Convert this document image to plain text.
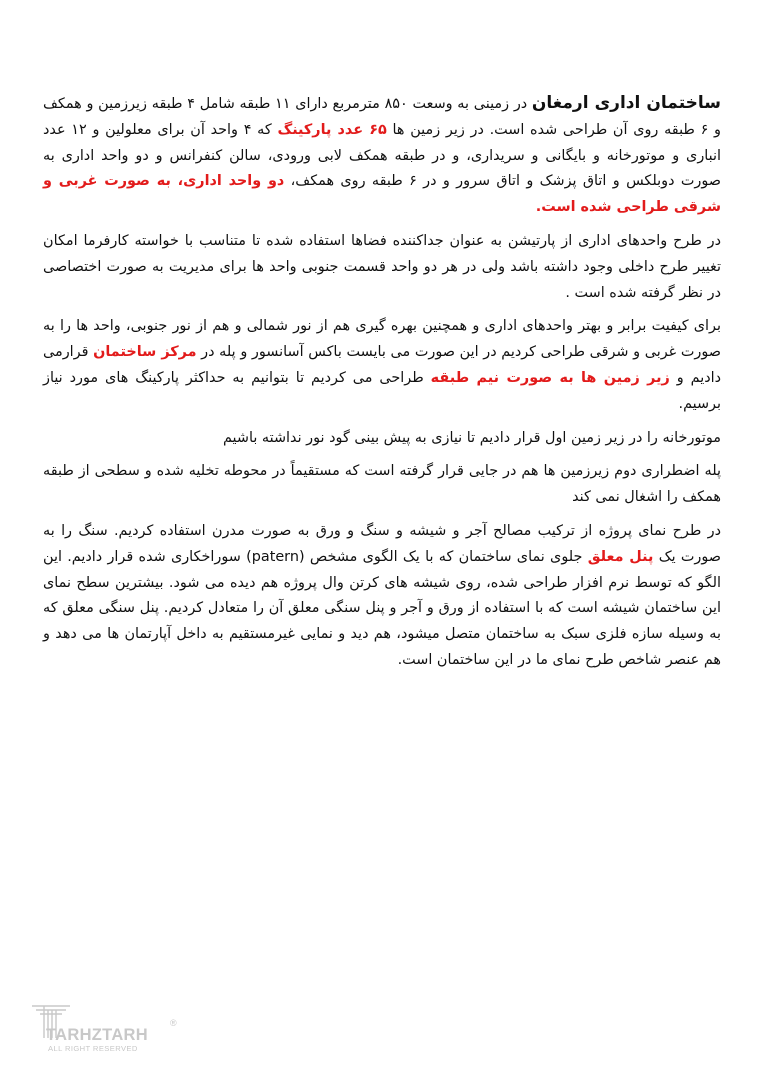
ساختمان اداری ارمغان در زمینی به وسعت ۸۵۰ مترمربع دارای ۱۱ طبقه شامل ۴ طبقه زیرزمین و همکف و ۶ طبقه روی آن طراحی شده است. در زیر زمین ها ۶۵ عدد پارکینگ که ۴ واحد آن برای معلولین و ۱۲ عدد انباری و موتورخانه و بایگانی و سریداری، و در طبقه همکف لابی ورودی، سالن کنفرانس و دو واحد اداری به صورت دوبلکس و اتاق پزشک و اتاق سرور و در ۶ طبقه روی همکف، دو واحد اداری، به صورت غربی و شرقی طراحی شده است.

در طرح واحدهای اداری از پارتیشن به عنوان جداکننده فضاها استفاده شده تا متناسب با خواسته کارفرما امکان تغییر طرح داخلی وجود داشته باشد ولی در هر دو واحد قسمت جنوبی واحد ها برای مدیریت به صورت اختصاصی در نظر گرفته شده است .

برای کیفیت برابر و بهتر واحدهای اداری و همچنین بهره گیری هم از نور شمالی و هم از نور جنوبی، واحد ها را به صورت غربی و شرقی طراحی کردیم در این صورت می بایست باکس آسانسور و پله در مرکز ساختمان قرارمی دادیم و زیر زمین ها به صورت نیم طبقه طراحی می کردیم تا بتوانیم به حداکثر پارکینگ های مورد نیاز برسیم.

موتورخانه را در زیر زمین اول قرار دادیم تا نیازی به پیش بینی گود نور نداشته باشیم

پله اضطراری دوم زیرزمین ها هم در جایی قرار گرفته است که مستقیماً در محوطه تخلیه شده و سطحی از طبقه همکف را اشغال نمی کند

در طرح نمای پروژه از ترکیب مصالح آجر و شیشه و سنگ و ورق به صورت مدرن استفاده کردیم. سنگ را به صورت یک پنل معلق جلوی نمای ساختمان که با یک الگوی مشخص (patern) سوراخکاری شده قرار دادیم. این الگو که توسط نرم افزار طراحی شده، روی شیشه های کرتن وال پروژه هم دیده می شود. بیشترین سطح نمای این ساختمان شیشه است که با استفاده از ورق و آجر و پنل سنگی معلق آن را متعادل کردیم. پنل سنگی معلق که به وسیله سازه فلزی سبک به ساختمان متصل میشود، هم دید و نمایی غیرمستقیم به داخل آپارتمان ها می دهد و هم عنصر شاخص طرح نمای ما در این ساختمان است.

TARHZTARH
®
ALL RIGHT RESERVED
